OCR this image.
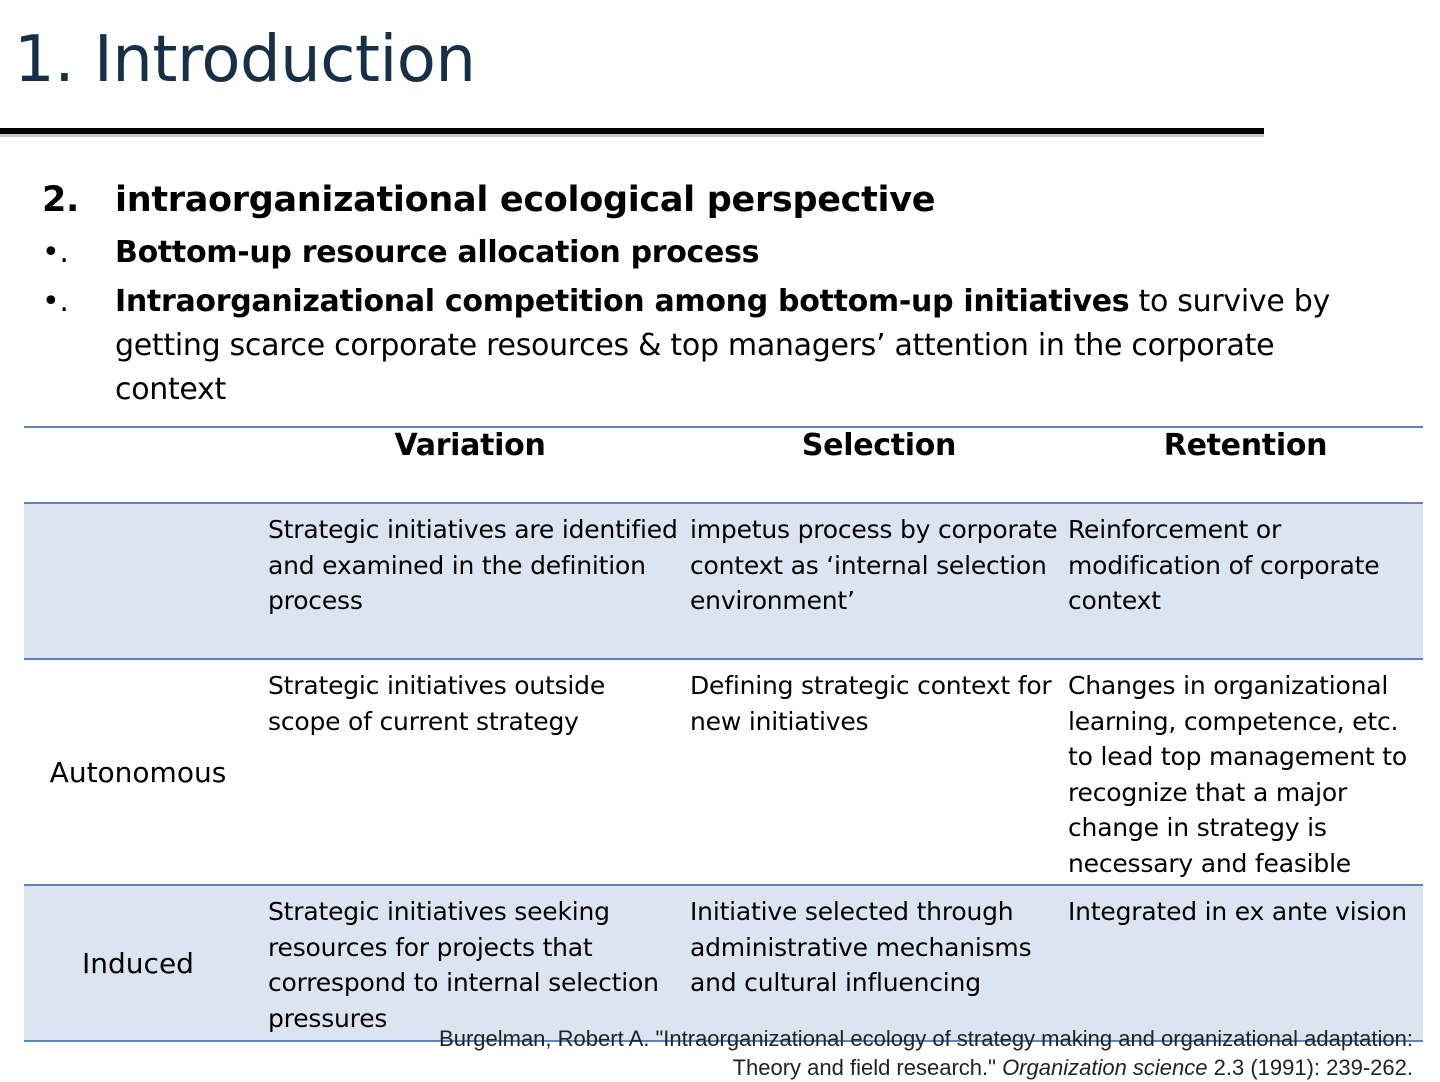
1. Introduction
2.	intraorganizational ecological perspective
•.	Bottom-up resource allocation process
•.	Intraorganizational competition among bottom-up initiatives to survive by getting scarce corporate resources & top managers’ attention in the corporate context
	Variation	Selection	Retention
	Strategic initiatives are identified and examined in the definition process	impetus process by corporate context as ‘internal selection environment’	Reinforcement or modification of corporate context
Autonomous	Strategic initiatives outside scope of current strategy	Defining strategic context for new initiatives	Changes in organizational learning, competence, etc. to lead top management to recognize that a major change in strategy is necessary and feasible
Induced	Strategic initiatives seeking resources for projects that correspond to internal selection pressures	Initiative selected through administrative mechanisms and cultural influencing	Integrated in ex ante vision
Burgelman, Robert A. "Intraorganizational ecology of strategy making and organizational adaptation: Theory and field research." Organization science 2.3 (1991): 239-262.
